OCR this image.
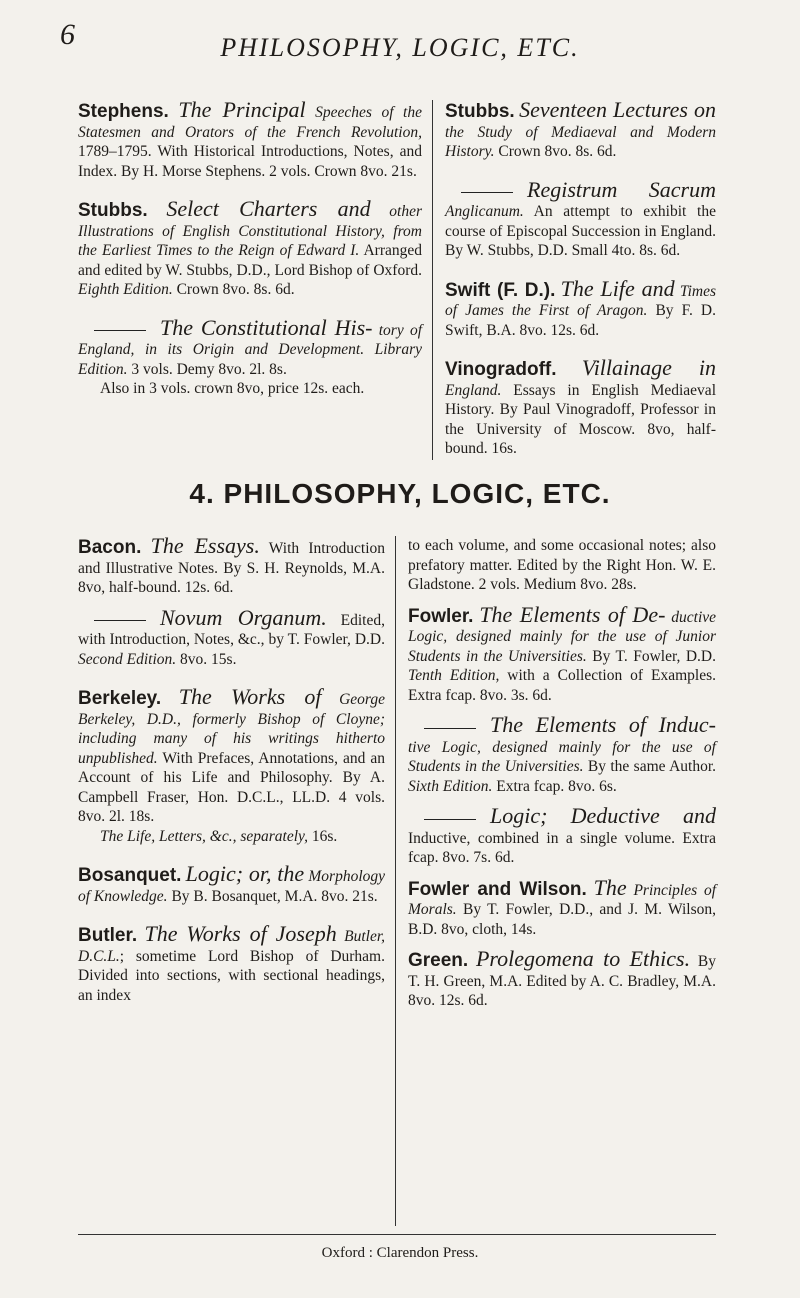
6	PHILOSOPHY, LOGIC, ETC.

Stephens. The Principal Speeches of the Statesmen and Orators of the French Revolution, 1789–1795. With Historical Introductions, Notes, and Index. By H. Morse Stephens. 2 vols. Crown 8vo. 21s.

Stubbs. Select Charters and other Illustrations of English Constitutional History, from the Earliest Times to the Reign of Edward I. Arranged and edited by W. Stubbs, D.D., Lord Bishop of Oxford. Eighth Edition. Crown 8vo. 8s. 6d.

The Constitutional His- tory of England, in its Origin and Development. Library Edition. 3 vols. Demy 8vo. 2l. 8s.

Also in 3 vols. crown 8vo, price 12s. each.

Stubbs. Seventeen Lectures on the Study of Mediaeval and Modern History. Crown 8vo. 8s. 6d.

Registrum Sacrum Anglicanum. An attempt to exhibit the course of Episcopal Succession in England. By W. Stubbs, D.D. Small 4to. 8s. 6d.

Swift (F. D.). The Life and Times of James the First of Aragon. By F. D. Swift, B.A. 8vo. 12s. 6d.

Vinogradoff. Villainage in England. Essays in English Mediaeval History. By Paul Vinogradoff, Professor in the University of Moscow. 8vo, half-bound. 16s.

4. PHILOSOPHY, LOGIC, ETC.

Bacon. The Essays. With Introduction and Illustrative Notes. By S. H. Reynolds, M.A. 8vo, half-bound. 12s. 6d.

Novum Organum. Edited, with Introduction, Notes, &c., by T. Fowler, D.D. Second Edition. 8vo. 15s.

Berkeley. The Works of George Berkeley, D.D., formerly Bishop of Cloyne; including many of his writings hitherto unpublished. With Prefaces, Annotations, and an Account of his Life and Philosophy. By A. Campbell Fraser, Hon. D.C.L., LL.D. 4 vols. 8vo. 2l. 18s.

The Life, Letters, &c., separately, 16s.

Bosanquet. Logic; or, the Morphology of Knowledge. By B. Bosanquet, M.A. 8vo. 21s.

Butler. The Works of Joseph Butler, D.C.L.; sometime Lord Bishop of Durham. Divided into sections, with sectional headings, an index

to each volume, and some occasional notes; also prefatory matter. Edited by the Right Hon. W. E. Gladstone. 2 vols. Medium 8vo. 28s.

Fowler. The Elements of De- ductive Logic, designed mainly for the use of Junior Students in the Universities. By T. Fowler, D.D. Tenth Edition, with a Collection of Examples. Extra fcap. 8vo. 3s. 6d.

The Elements of Induc- tive Logic, designed mainly for the use of Students in the Universities. By the same Author. Sixth Edition. Extra fcap. 8vo. 6s.

Logic; Deductive and Inductive, combined in a single volume. Extra fcap. 8vo. 7s. 6d.

Fowler and Wilson. The Principles of Morals. By T. Fowler, D.D., and J. M. Wilson, B.D. 8vo, cloth, 14s.

Green. Prolegomena to Ethics. By T. H. Green, M.A. Edited by A. C. Bradley, M.A. 8vo. 12s. 6d.

Oxford : Clarendon Press.
